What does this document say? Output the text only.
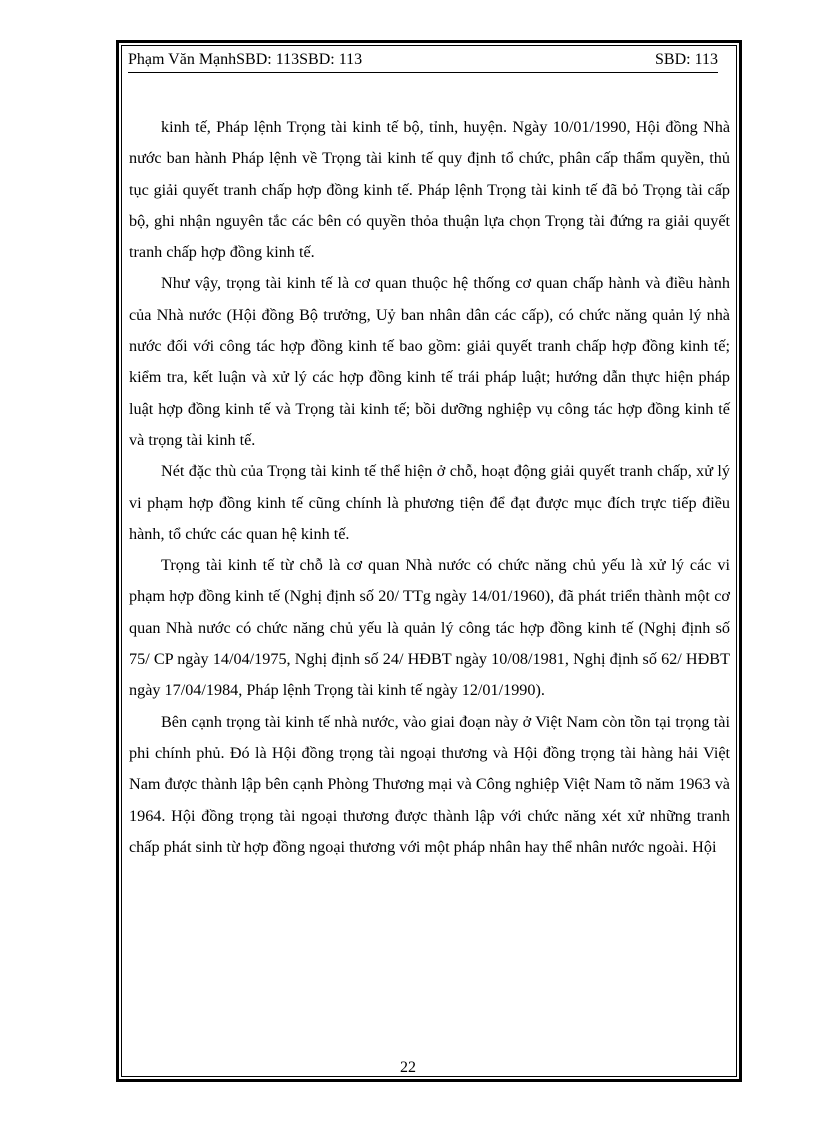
Phạm Văn MạnhSBD: 113SBD: 113	SBD: 113

kinh tế, Pháp lệnh Trọng tài kinh tế bộ, tỉnh, huyện. Ngày 10/01/1990, Hội đồng Nhà nước ban hành Pháp lệnh về Trọng tài kinh tế quy định tổ chức, phân cấp thẩm quyền, thủ tục giải quyết tranh chấp hợp đồng kinh tế. Pháp lệnh Trọng tài kinh tế đã bỏ Trọng tài cấp bộ, ghi nhận nguyên tắc các bên có quyền thỏa thuận lựa chọn Trọng tài đứng ra giải quyết tranh chấp hợp đồng kinh tế.

Như vậy, trọng tài kinh tế là cơ quan thuộc hệ thống cơ quan chấp hành và điều hành của Nhà nước (Hội đồng Bộ trưởng, Uỷ ban nhân dân các cấp), có chức năng quản lý nhà nước đối với công tác hợp đồng kinh tế bao gồm: giải quyết tranh chấp hợp đồng kinh tế; kiểm tra, kết luận và xử lý các hợp đồng kinh tế trái pháp luật; hướng dẫn thực hiện pháp luật hợp đồng kinh tế và Trọng tài kinh tế; bồi dưỡng nghiệp vụ công tác hợp đồng kinh tế và trọng tài kinh tế.

Nét đặc thù của Trọng tài kinh tế thể hiện ở chỗ, hoạt động giải quyết tranh chấp, xử lý vi phạm hợp đồng kinh tế cũng chính là phương tiện để đạt được mục đích trực tiếp điều hành, tổ chức các quan hệ kinh tế.

Trọng tài kinh tế từ chỗ là cơ quan Nhà nước có chức năng chủ yếu là xử lý các vi phạm hợp đồng kinh tế (Nghị định số 20/ TTg ngày 14/01/1960), đã phát triển thành một cơ quan Nhà nước có chức năng chủ yếu là quản lý công tác hợp đồng kinh tế (Nghị định số 75/ CP ngày 14/04/1975, Nghị định số 24/ HĐBT ngày 10/08/1981, Nghị định số 62/ HĐBT ngày 17/04/1984, Pháp lệnh Trọng tài kinh tế ngày 12/01/1990).

Bên cạnh trọng tài kinh tế nhà nước, vào giai đoạn này ở Việt Nam còn tồn tại trọng tài phi chính phủ. Đó là Hội đồng trọng tài ngoại thương và Hội đồng trọng tài hàng hải Việt Nam được thành lập bên cạnh Phòng Thương mại và Công nghiệp Việt Nam tõ năm 1963 và 1964. Hội đồng trọng tài ngoại thương được thành lập với chức năng xét xử những tranh chấp phát sinh từ hợp đồng ngoại thương với một pháp nhân hay thể nhân nước ngoài. Hội

22
